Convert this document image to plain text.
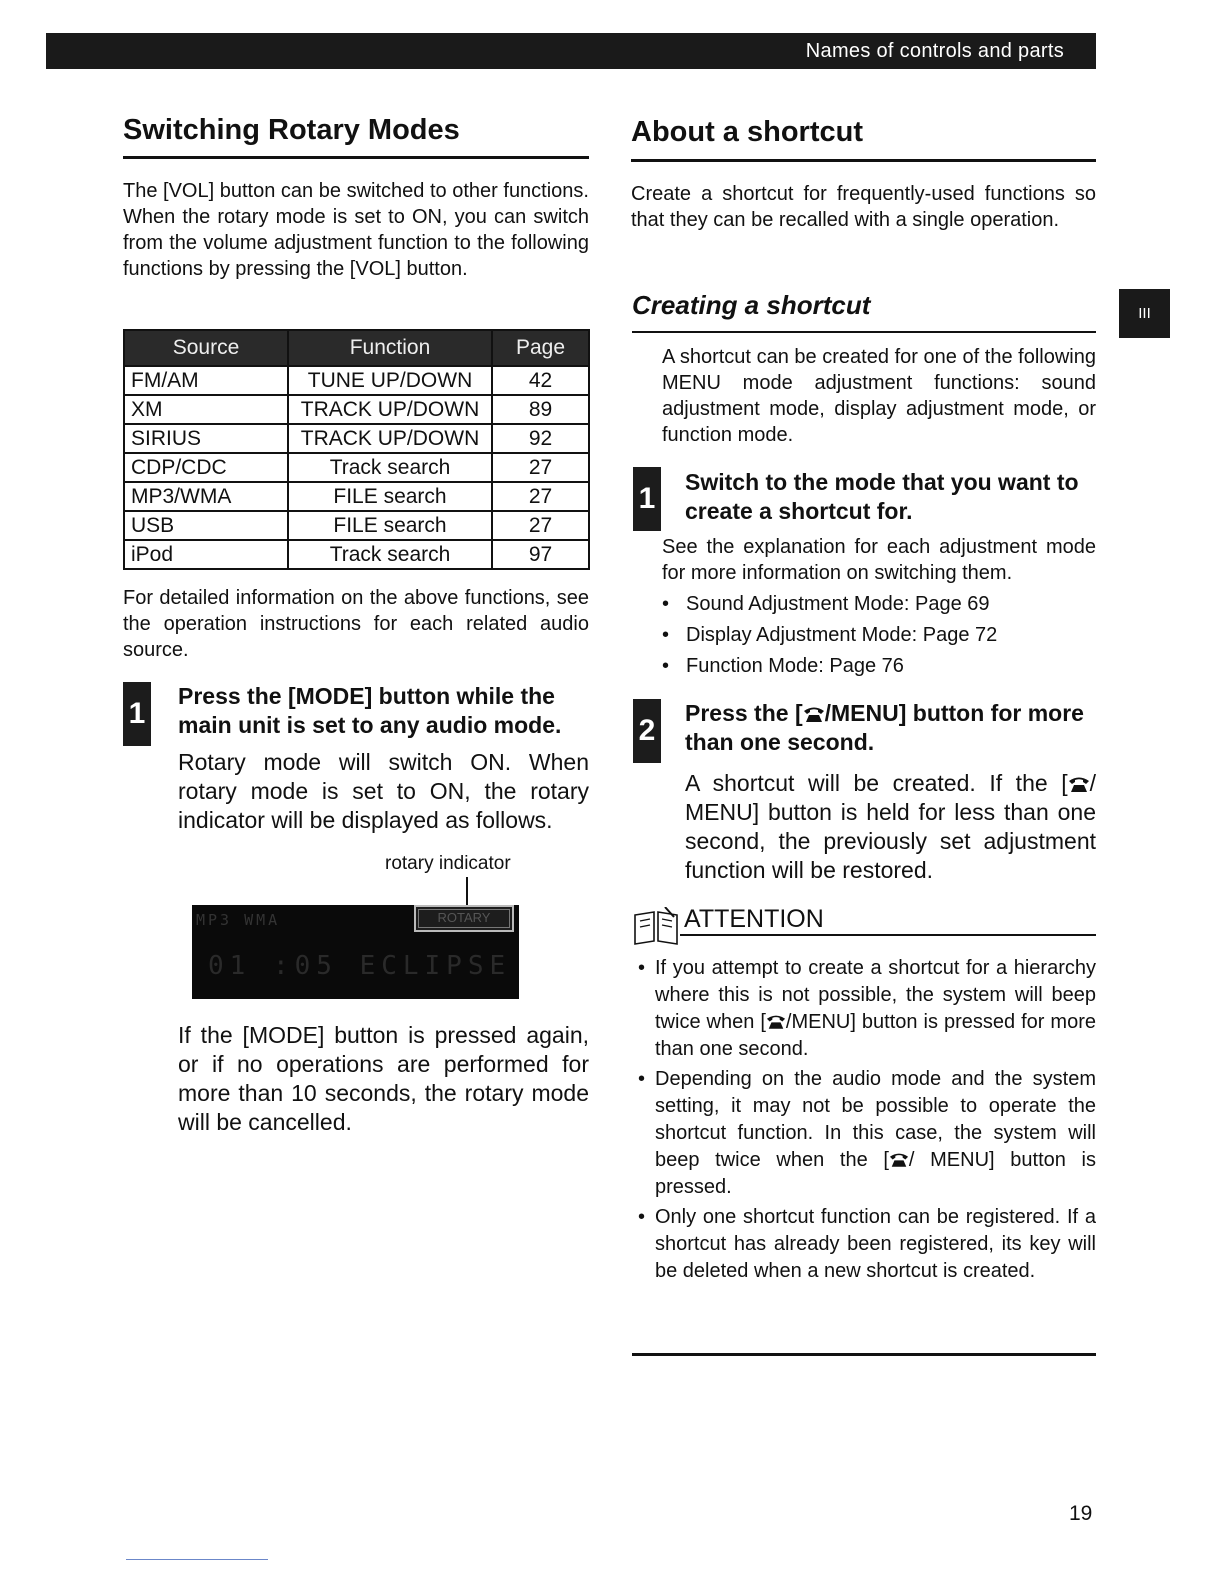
Names of controls and parts
III
Switching Rotary Modes

The [VOL] button can be switched to other functions. When the rotary mode is set to ON, you can switch from the volume adjustment function to the following functions by pressing the [VOL] button.

Source	Function	Page
FM/AM	TUNE UP/DOWN	42
XM	TRACK UP/DOWN	89
SIRIUS	TRACK UP/DOWN	92
CDP/CDC	Track search	27
MP3/WMA	FILE search	27
USB	FILE search	27
iPod	Track search	97

For detailed information on the above functions, see the operation instructions for each related audio source.

1

Press the [MODE] button while the main unit is set to any audio mode.

Rotary mode will switch ON. When rotary mode is set to ON, the rotary indicator will be displayed as follows.

rotary indicator
MP3 WMA	ROTARY
01 :05 ECLIPSE

If the [MODE] button is pressed again, or if no operations are performed for more than 10 seconds, the rotary mode will be cancelled.

About a shortcut

Create a shortcut for frequently-used functions so that they can be recalled with a single operation.

Creating a shortcut

A shortcut can be created for one of the following MENU mode adjustment functions: sound adjustment mode, display adjustment mode, or function mode.

1 Switch to the mode that you want to create a shortcut for.

See the explanation for each adjustment mode for more information on switching them.

• Sound Adjustment Mode: Page 69
• Display Adjustment Mode: Page 72
• Function Mode: Page 76
2

Press the [ /MENU] button for more than one second.

A shortcut will be created. If the [ / MENU] button is held for less than one second, the previously set adjustment function will be restored.

ATTENTION
• If you attempt to create a shortcut for a hierarchy where this is not possible, the system will beep twice when [ /MENU] button is pressed for more than one second.
• Depending on the audio mode and the system setting, it may not be possible to operate the shortcut function. In this case, the system will beep twice when the [ / MENU] button is pressed.
• Only one shortcut function can be registered. If a shortcut has already been registered, its key will be deleted when a new shortcut is created.
19
